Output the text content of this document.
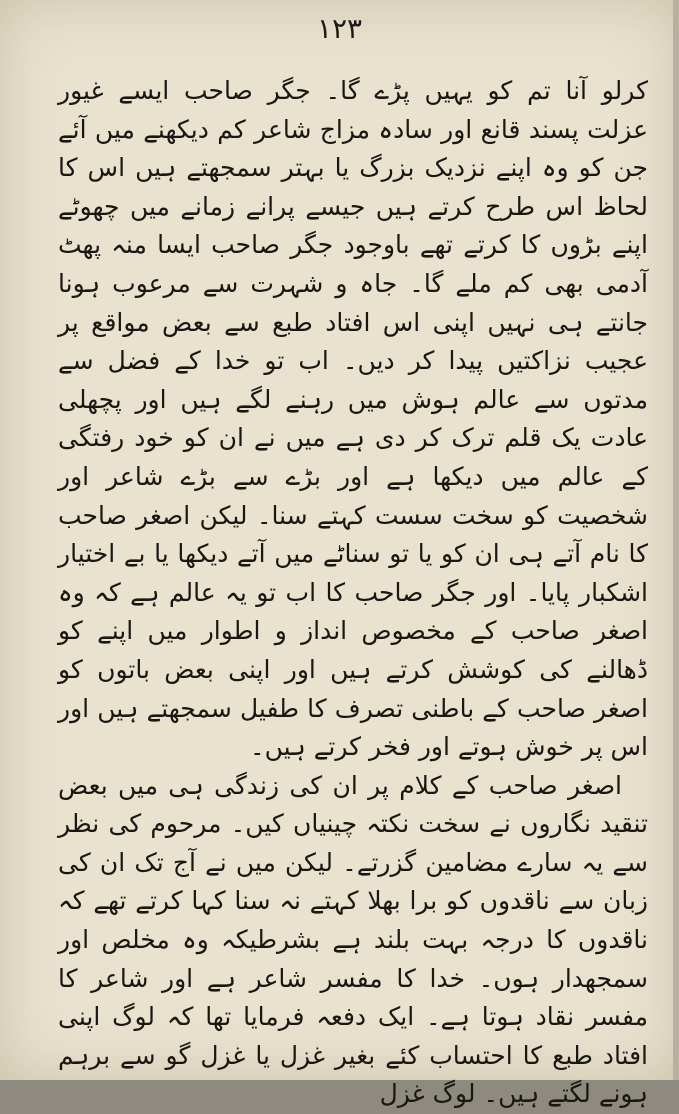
۱۲۳

کرلو آنا تم کو یہیں پڑے گا۔ جگر صاحب ایسے غیور عزلت پسند قانع اور سادہ مزاج شاعر کم دیکھنے میں آئے جن کو وہ اپنے نزدیک بزرگ یا بہتر سمجھتے ہیں اس کا لحاظ اس طرح کرتے ہیں جیسے پرانے زمانے میں چھوٹے اپنے بڑوں کا کرتے تھے باوجود جگر صاحب ایسا منہ پھٹ آدمی بھی کم ملے گا۔ جاہ و شہرت سے مرعوب ہونا جانتے ہی نہیں اپنی اس افتاد طبع سے بعض مواقع پر عجیب نزاکتیں پیدا کر دیں۔ اب تو خدا کے فضل سے مدتوں سے عالم ہوش میں رہنے لگے ہیں اور پچھلی عادت یک قلم ترک کر دی ہے میں نے ان کو خود رفتگی کے عالم میں دیکھا ہے اور بڑے سے بڑے شاعر اور شخصیت کو سخت سست کہتے سنا۔ لیکن اصغر صاحب کا نام آتے ہی ان کو یا تو سناٹے میں آتے دیکھا یا بے اختیار اشکبار پایا۔ اور جگر صاحب کا اب تو یہ عالم ہے کہ وہ اصغر صاحب کے مخصوص انداز و اطوار میں اپنے کو ڈھالنے کی کوشش کرتے ہیں اور اپنی بعض باتوں کو اصغر صاحب کے باطنی تصرف کا طفیل سمجھتے ہیں اور اس پر خوش ہوتے اور فخر کرتے ہیں۔

اصغر صاحب کے کلام پر ان کی زندگی ہی میں بعض تنقید نگاروں نے سخت نکتہ چینیاں کیں۔ مرحوم کی نظر سے یہ سارے مضامین گزرتے۔ لیکن میں نے آج تک ان کی زبان سے ناقدوں کو برا بھلا کہتے نہ سنا کہا کرتے تھے کہ ناقدوں کا درجہ بہت بلند ہے بشرطیکہ وہ مخلص اور سمجھدار ہوں۔ خدا کا مفسر شاعر ہے اور شاعر کا مفسر نقاد ہوتا ہے۔ ایک دفعہ فرمایا تھا کہ لوگ اپنی افتاد طبع کا احتساب کئے بغیر غزل یا غزل گو سے برہم ہونے لگتے ہیں۔ لوگ غزل
